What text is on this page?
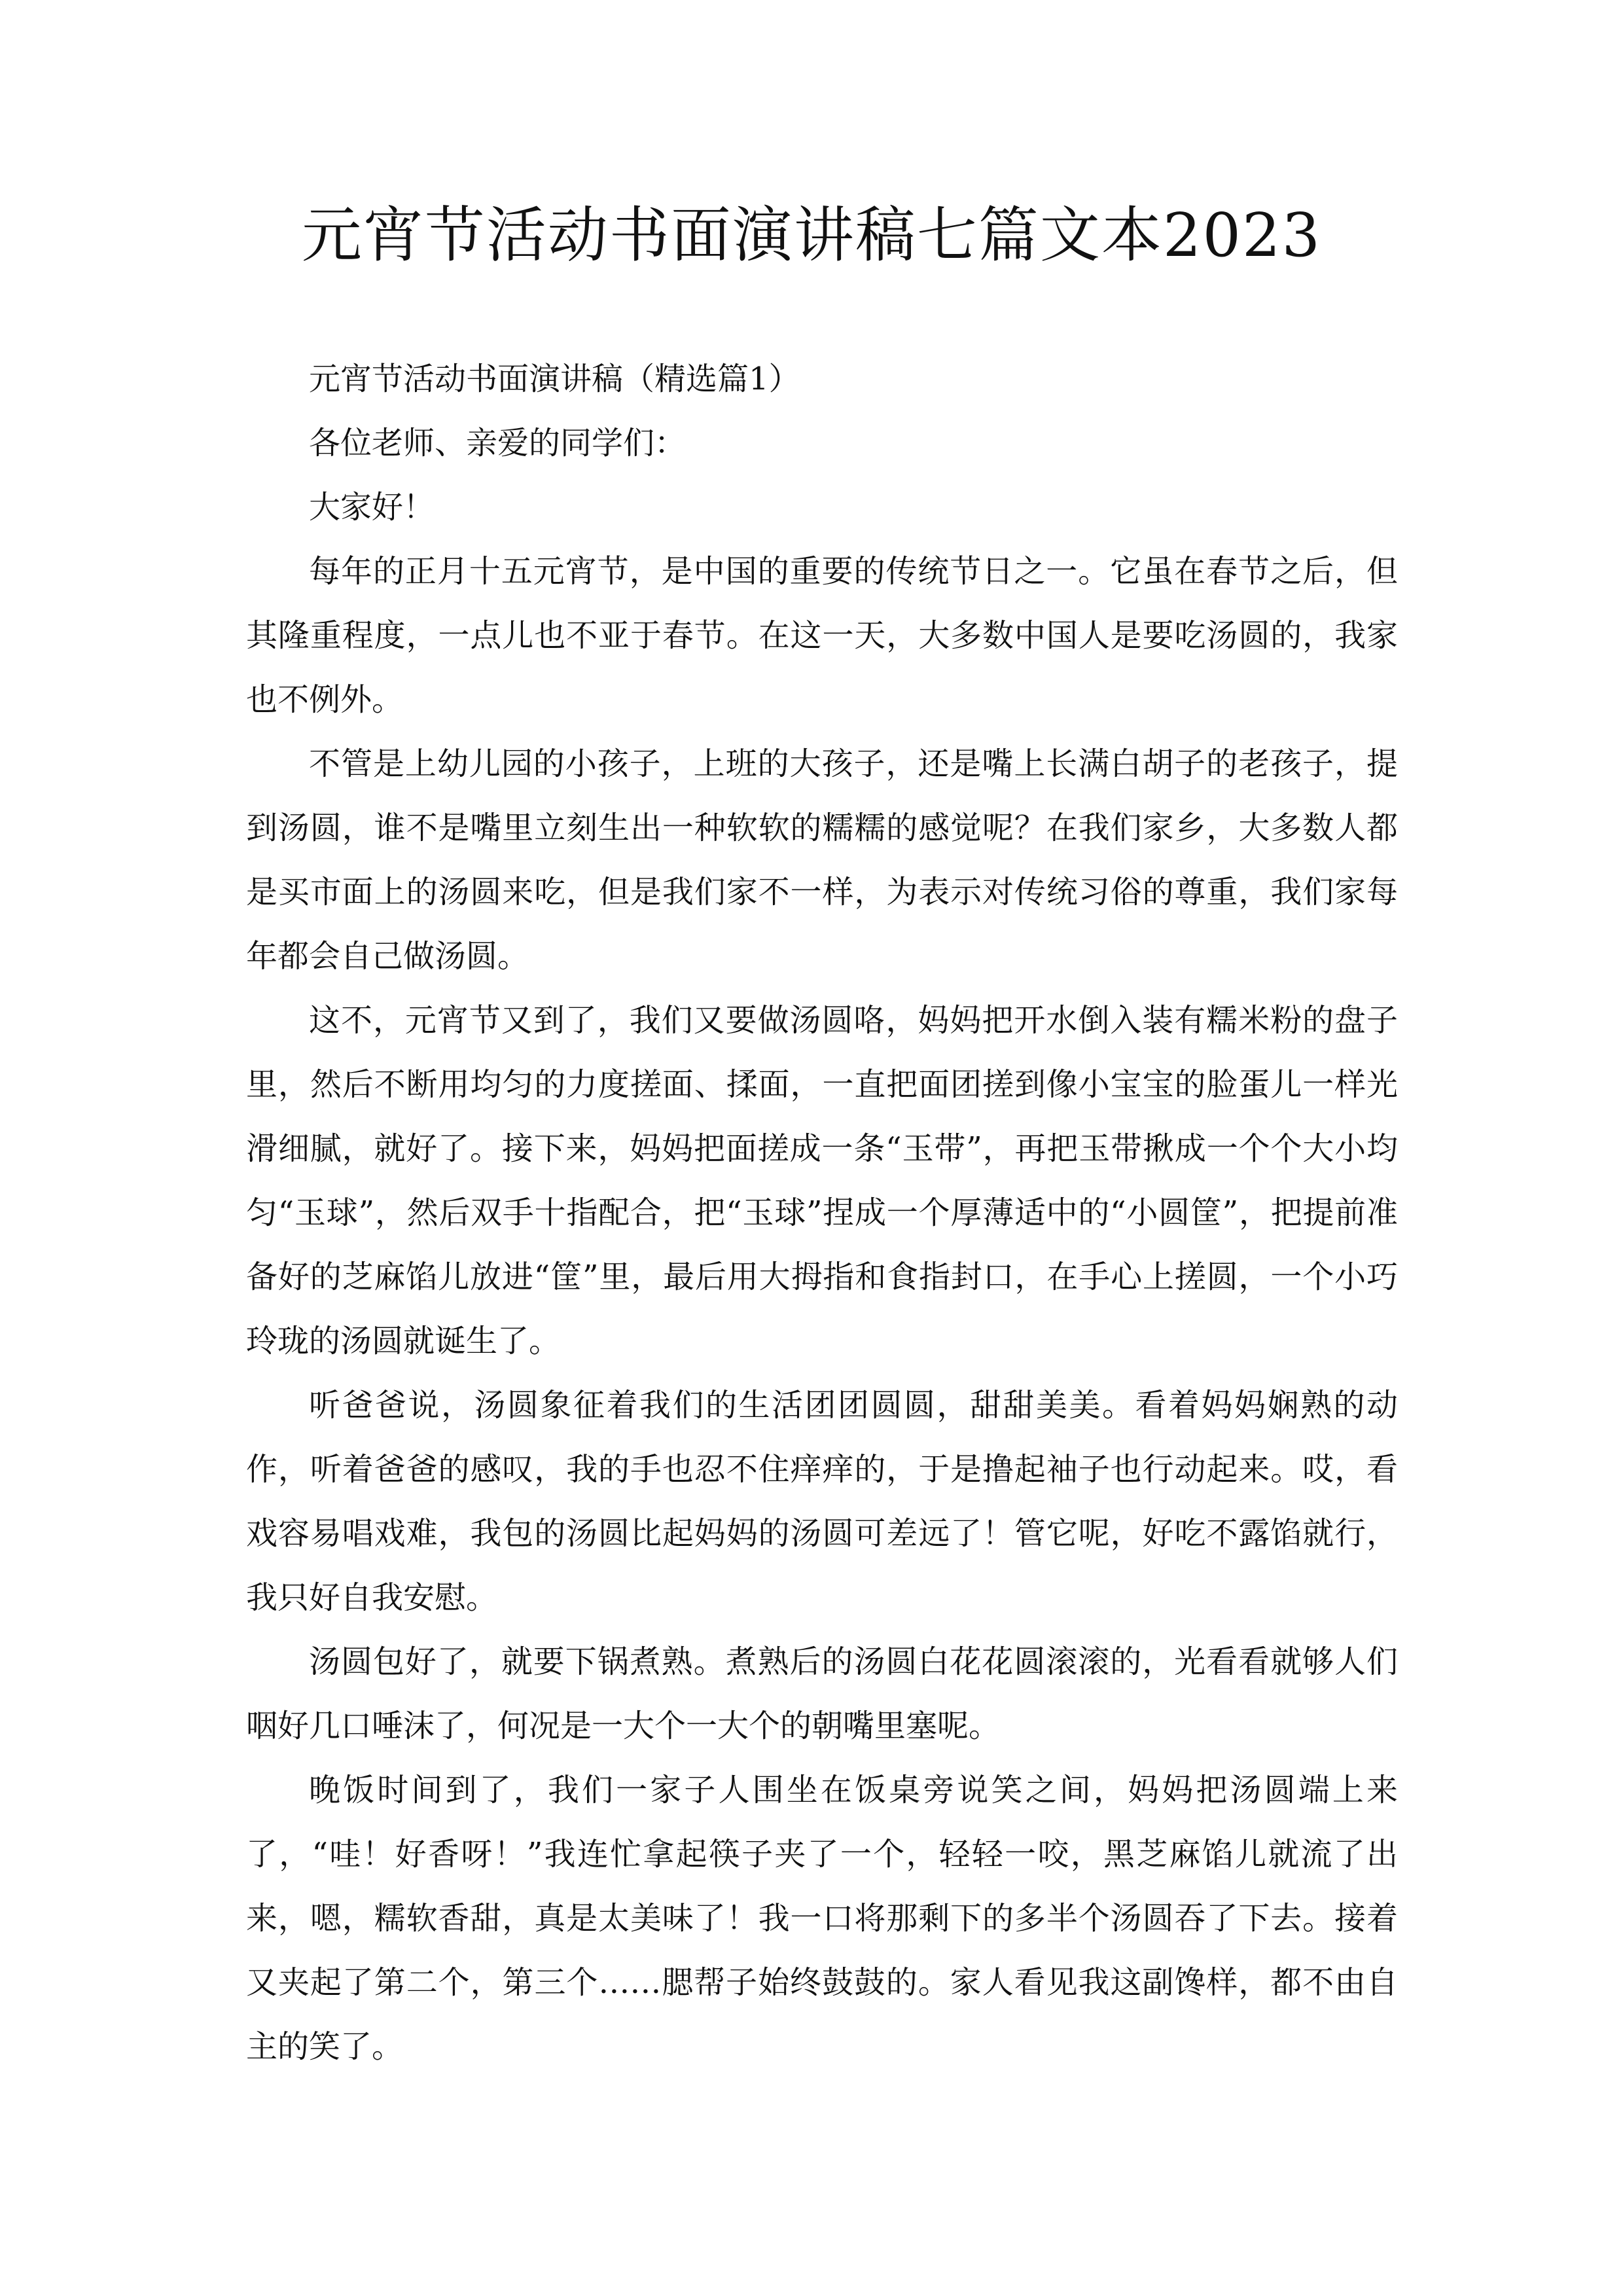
元宵节活动书面演讲稿七篇文本2023

元宵节活动书面演讲稿（精选篇1）

各位老师、亲爱的同学们：

大家好！

每年的正月十五元宵节，是中国的重要的传统节日之一。它虽在春节之后，但其隆重程度，一点儿也不亚于春节。在这一天，大多数中国人是要吃汤圆的，我家也不例外。

不管是上幼儿园的小孩子，上班的大孩子，还是嘴上长满白胡子的老孩子，提到汤圆，谁不是嘴里立刻生出一种软软的糯糯的感觉呢？在我们家乡，大多数人都是买市面上的汤圆来吃，但是我们家不一样，为表示对传统习俗的尊重，我们家每年都会自己做汤圆。

这不，元宵节又到了，我们又要做汤圆咯，妈妈把开水倒入装有糯米粉的盘子里，然后不断用均匀的力度搓面、揉面，一直把面团搓到像小宝宝的脸蛋儿一样光滑细腻，就好了。接下来，妈妈把面搓成一条“玉带”，再把玉带揪成一个个大小均匀“玉球”，然后双手十指配合，把“玉球”捏成一个厚薄适中的“小圆筐”，把提前准备好的芝麻馅儿放进“筐”里，最后用大拇指和食指封口，在手心上搓圆，一个小巧玲珑的汤圆就诞生了。

听爸爸说，汤圆象征着我们的生活团团圆圆，甜甜美美。看着妈妈娴熟的动作，听着爸爸的感叹，我的手也忍不住痒痒的，于是撸起袖子也行动起来。哎，看戏容易唱戏难，我包的汤圆比起妈妈的汤圆可差远了！管它呢，好吃不露馅就行，我只好自我安慰。

汤圆包好了，就要下锅煮熟。煮熟后的汤圆白花花圆滚滚的，光看看就够人们咽好几口唾沫了，何况是一大个一大个的朝嘴里塞呢。

晚饭时间到了，我们一家子人围坐在饭桌旁说笑之间，妈妈把汤圆端上来了，“哇！好香呀！”我连忙拿起筷子夹了一个，轻轻一咬，黑芝麻馅儿就流了出来，嗯，糯软香甜，真是太美味了！我一口将那剩下的多半个汤圆吞了下去。接着又夹起了第二个，第三个……腮帮子始终鼓鼓的。家人看见我这副馋样，都不由自主的笑了。
